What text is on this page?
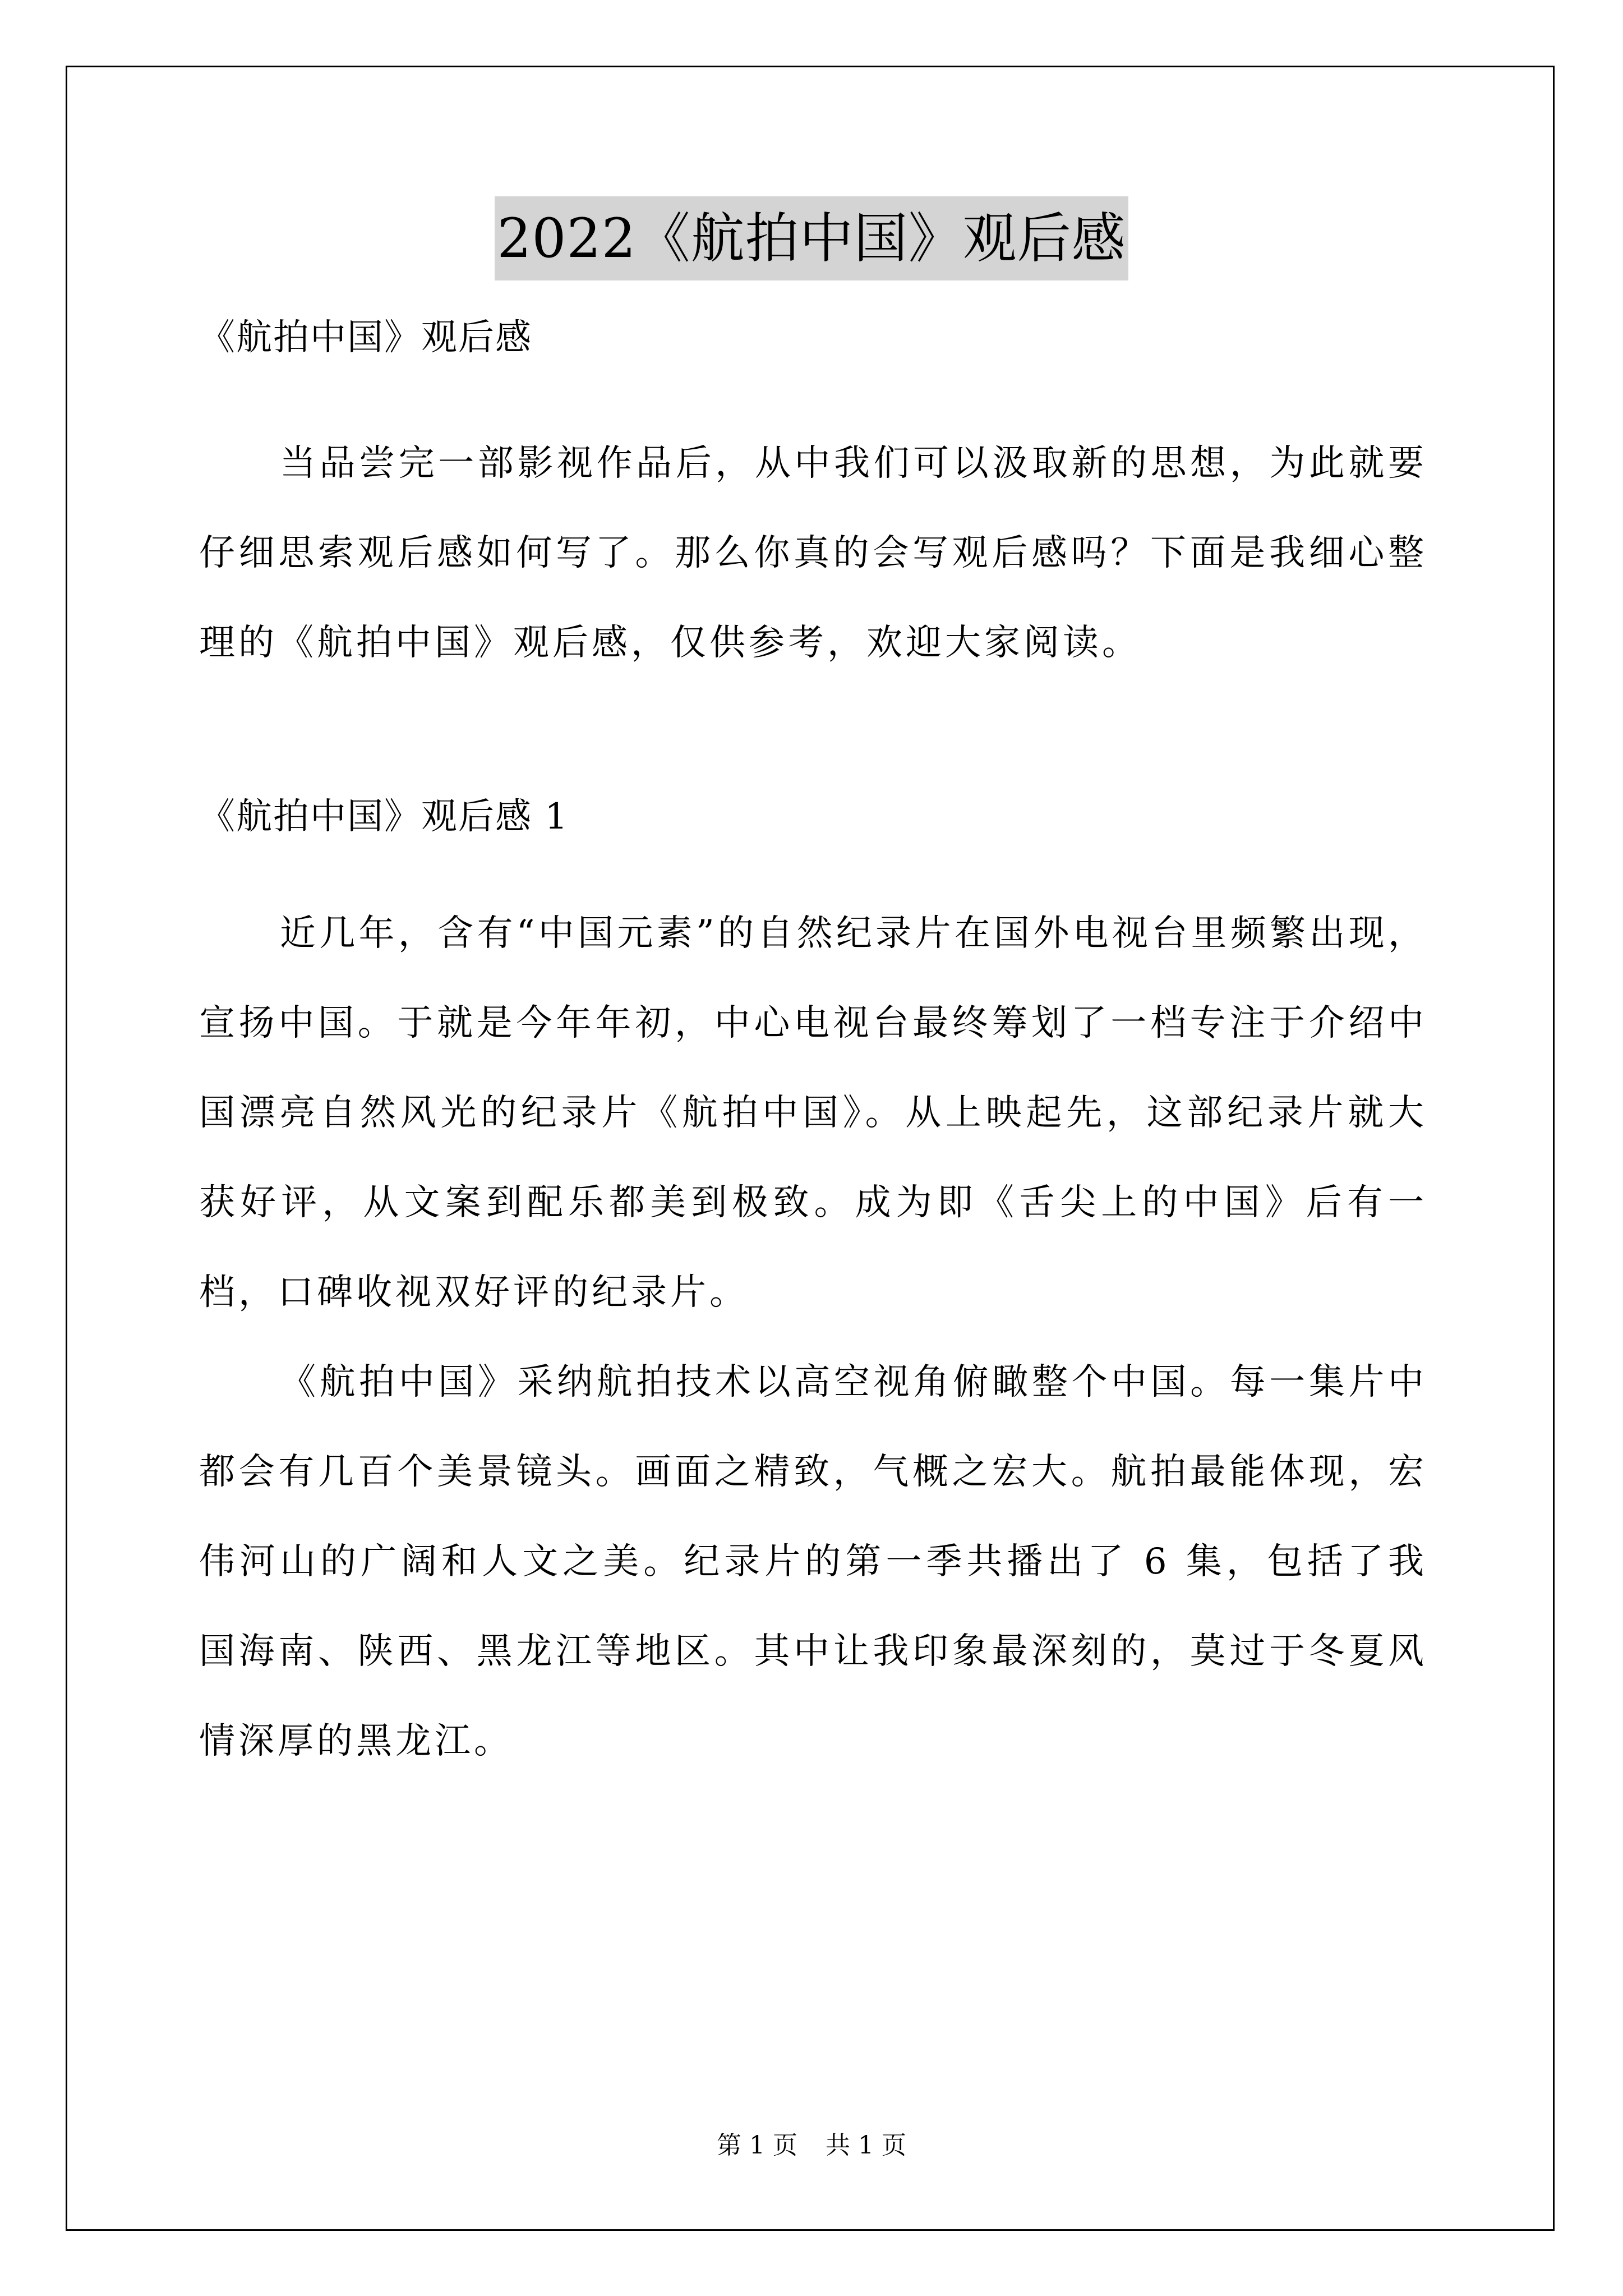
2022《航拍中国》观后感

《航拍中国》观后感

当品尝完一部影视作品后，从中我们可以汲取新的思想，为此就要仔细思索观后感如何写了。那么你真的会写观后感吗？下面是我细心整理的《航拍中国》观后感，仅供参考，欢迎大家阅读。

《航拍中国》观后感 1

近几年，含有“中国元素”的自然纪录片在国外电视台里频繁出现，宣扬中国。于就是今年年初，中心电视台最终筹划了一档专注于介绍中国漂亮自然风光的纪录片《航拍中国》。从上映起先，这部纪录片就大获好评，从文案到配乐都美到极致。成为即《舌尖上的中国》后有一档，口碑收视双好评的纪录片。

《航拍中国》采纳航拍技术以高空视角俯瞰整个中国。每一集片中都会有几百个美景镜头。画面之精致，气概之宏大。航拍最能体现，宏伟河山的广阔和人文之美。纪录片的第一季共播出了 6 集，包括了我国海南、陕西、黑龙江等地区。其中让我印象最深刻的，莫过于冬夏风情深厚的黑龙江。

第 1 页 共 1 页
